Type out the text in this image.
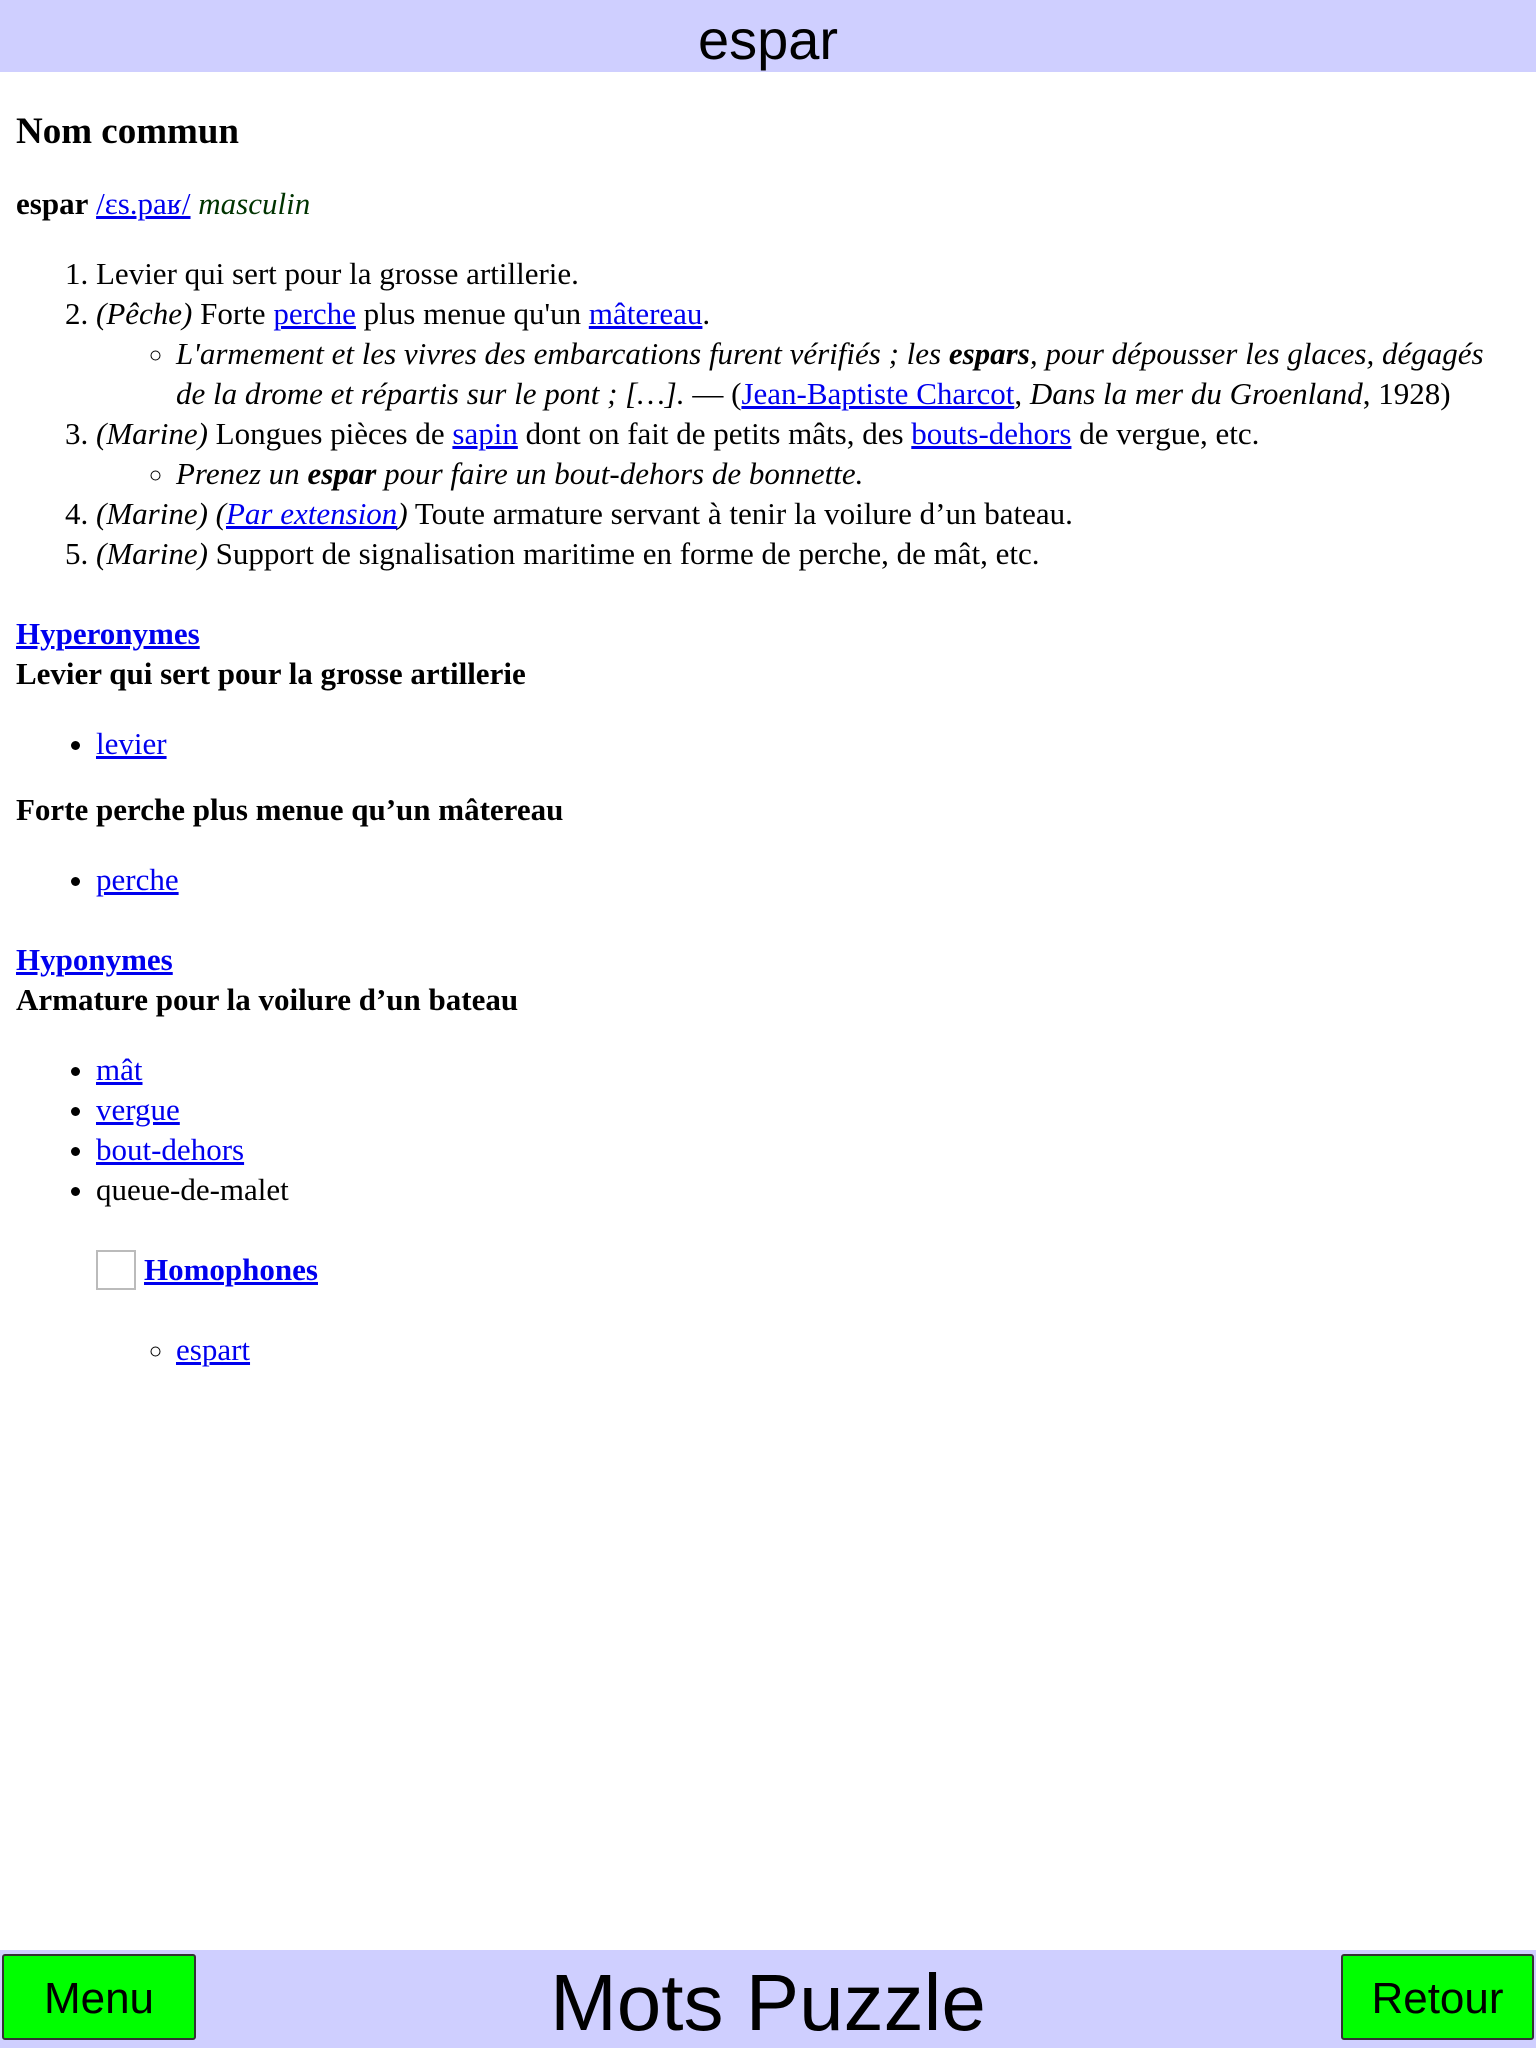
espar
Nom commun

espar /ɛs.paʁ/ masculin

1. Levier qui sert pour la grosse artillerie.
2. (Pêche) Forte perche plus menue qu'un mâtereau.
◦ L'armement et les vivres des embarcations furent vérifiés ; les espars, pour dépousser les glaces, dégagés de la drome et répartis sur le pont ; […]. — (Jean-Baptiste Charcot, Dans la mer du Groenland, 1928)
3. (Marine) Longues pièces de sapin dont on fait de petits mâts, des bouts-dehors de vergue, etc.
◦ Prenez un espar pour faire un bout-dehors de bonnette.
4. (Marine) (Par extension) Toute armature servant à tenir la voilure d’un bateau.
5. (Marine) Support de signalisation maritime en forme de perche, de mât, etc.
Hyperonymes
Levier qui sert pour la grosse artillerie
• levier
Forte perche plus menue qu’un mâtereau
• perche
Hyponymes
Armature pour la voilure d’un bateau
• mât
• vergue
• bout-dehors
• queue-de-malet
Homophones
◦ espart
Mots Puzzle
Menu	Retour
